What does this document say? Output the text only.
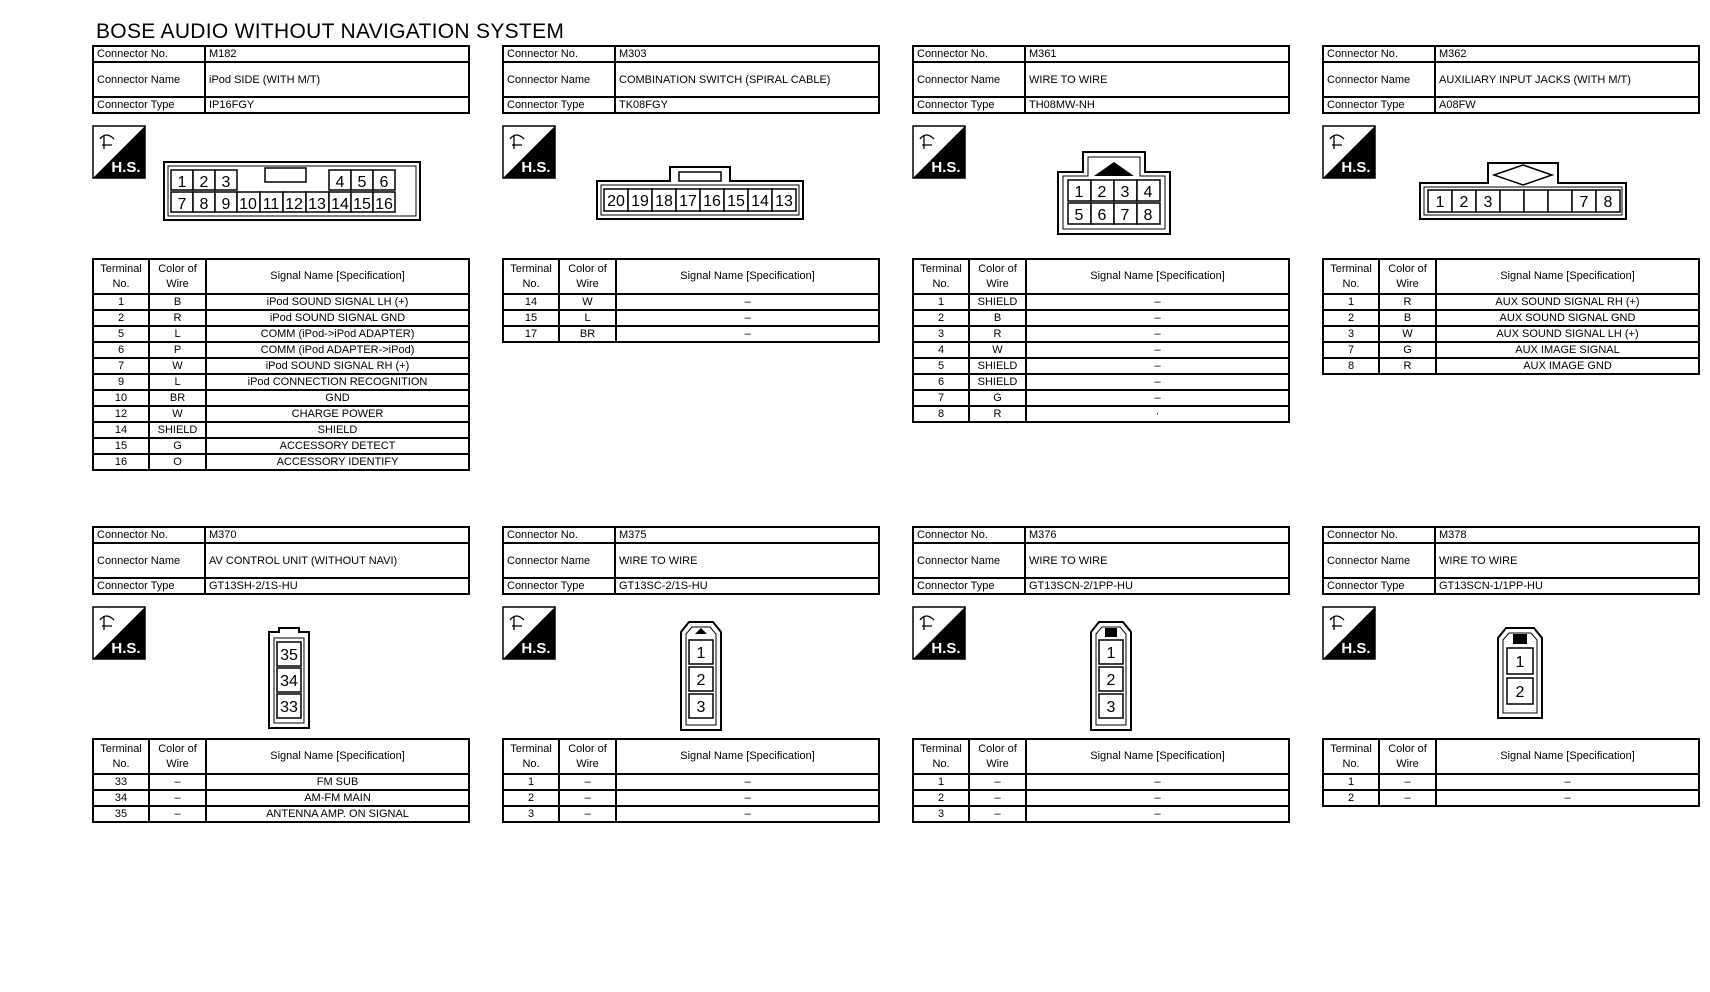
BOSE AUDIO WITHOUT NAVIGATION SYSTEM
Connector No.	M182
Connector Name	iPod SIDE (WITH M/T)
Connector Type	IP16FGY
H.S.
1 2 3	4 5 6
7 8 9 10 11 12 13 14 15 16
Terminal No.	Color of Wire	Signal Name [Specification]
1	B	iPod SOUND SIGNAL LH (+)
2	R	iPod SOUND SIGNAL GND
5	L	COMM (iPod->iPod ADAPTER)
6	P	COMM (iPod ADAPTER->iPod)
7	W	iPod SOUND SIGNAL RH (+)
9	L	iPod CONNECTION RECOGNITION
10	BR	GND
12	W	CHARGE POWER
14	SHIELD	SHIELD
15	G	ACCESSORY DETECT
16	O	ACCESSORY IDENTIFY
Connector No.	M303
Connector Name	COMBINATION SWITCH (SPIRAL CABLE)
Connector Type	TK08FGY
H.S.
20 19 18 17 16 15 14 13
Terminal No.	Color of Wire	Signal Name [Specification]
14	W	–
15	L	–
17	BR	–
Connector No.	M361
Connector Name	WIRE TO WIRE
Connector Type	TH08MW-NH
H.S.
1 2 3 4
5 6 7 8
Terminal No.	Color of Wire	Signal Name [Specification]
1	SHIELD	–
2	B	–
3	R	–
4	W	–
5	SHIELD	–
6	SHIELD	–
7	G	–
8	R	·
Connector No.	M362
Connector Name	AUXILIARY INPUT JACKS (WITH M/T)
Connector Type	A08FW
H.S.
1 2 3	7 8
Terminal No.	Color of Wire	Signal Name [Specification]
1	R	AUX SOUND SIGNAL RH (+)
2	B	AUX SOUND SIGNAL GND
3	W	AUX SOUND SIGNAL LH (+)
7	G	AUX IMAGE SIGNAL
8	R	AUX IMAGE GND
Connector No.	M370
Connector Name	AV CONTROL UNIT (WITHOUT NAVI)
Connector Type	GT13SH-2/1S-HU
H.S.	35
34
33
Terminal No.	Color of Wire	Signal Name [Specification]
33	–	FM SUB
34	–	AM-FM MAIN
35	–	ANTENNA AMP. ON SIGNAL
Connector No.	M375
Connector Name	WIRE TO WIRE
Connector Type	GT13SC-2/1S-HU
H.S.	1
2
3
Terminal No.	Color of Wire	Signal Name [Specification]
1	–	–
2	–	–
3	–	–
Connector No.	M376
Connector Name	WIRE TO WIRE
Connector Type	GT13SCN-2/1PP-HU
H.S.	1
2
3
Terminal No.	Color of Wire	Signal Name [Specification]
1	–	–
2	–	–
3	–	–
Connector No.	M378
Connector Name	WIRE TO WIRE
Connector Type	GT13SCN-1/1PP-HU
H.S.
1
2
Terminal No.	Color of Wire	Signal Name [Specification]
1	–	–
2	–	–
